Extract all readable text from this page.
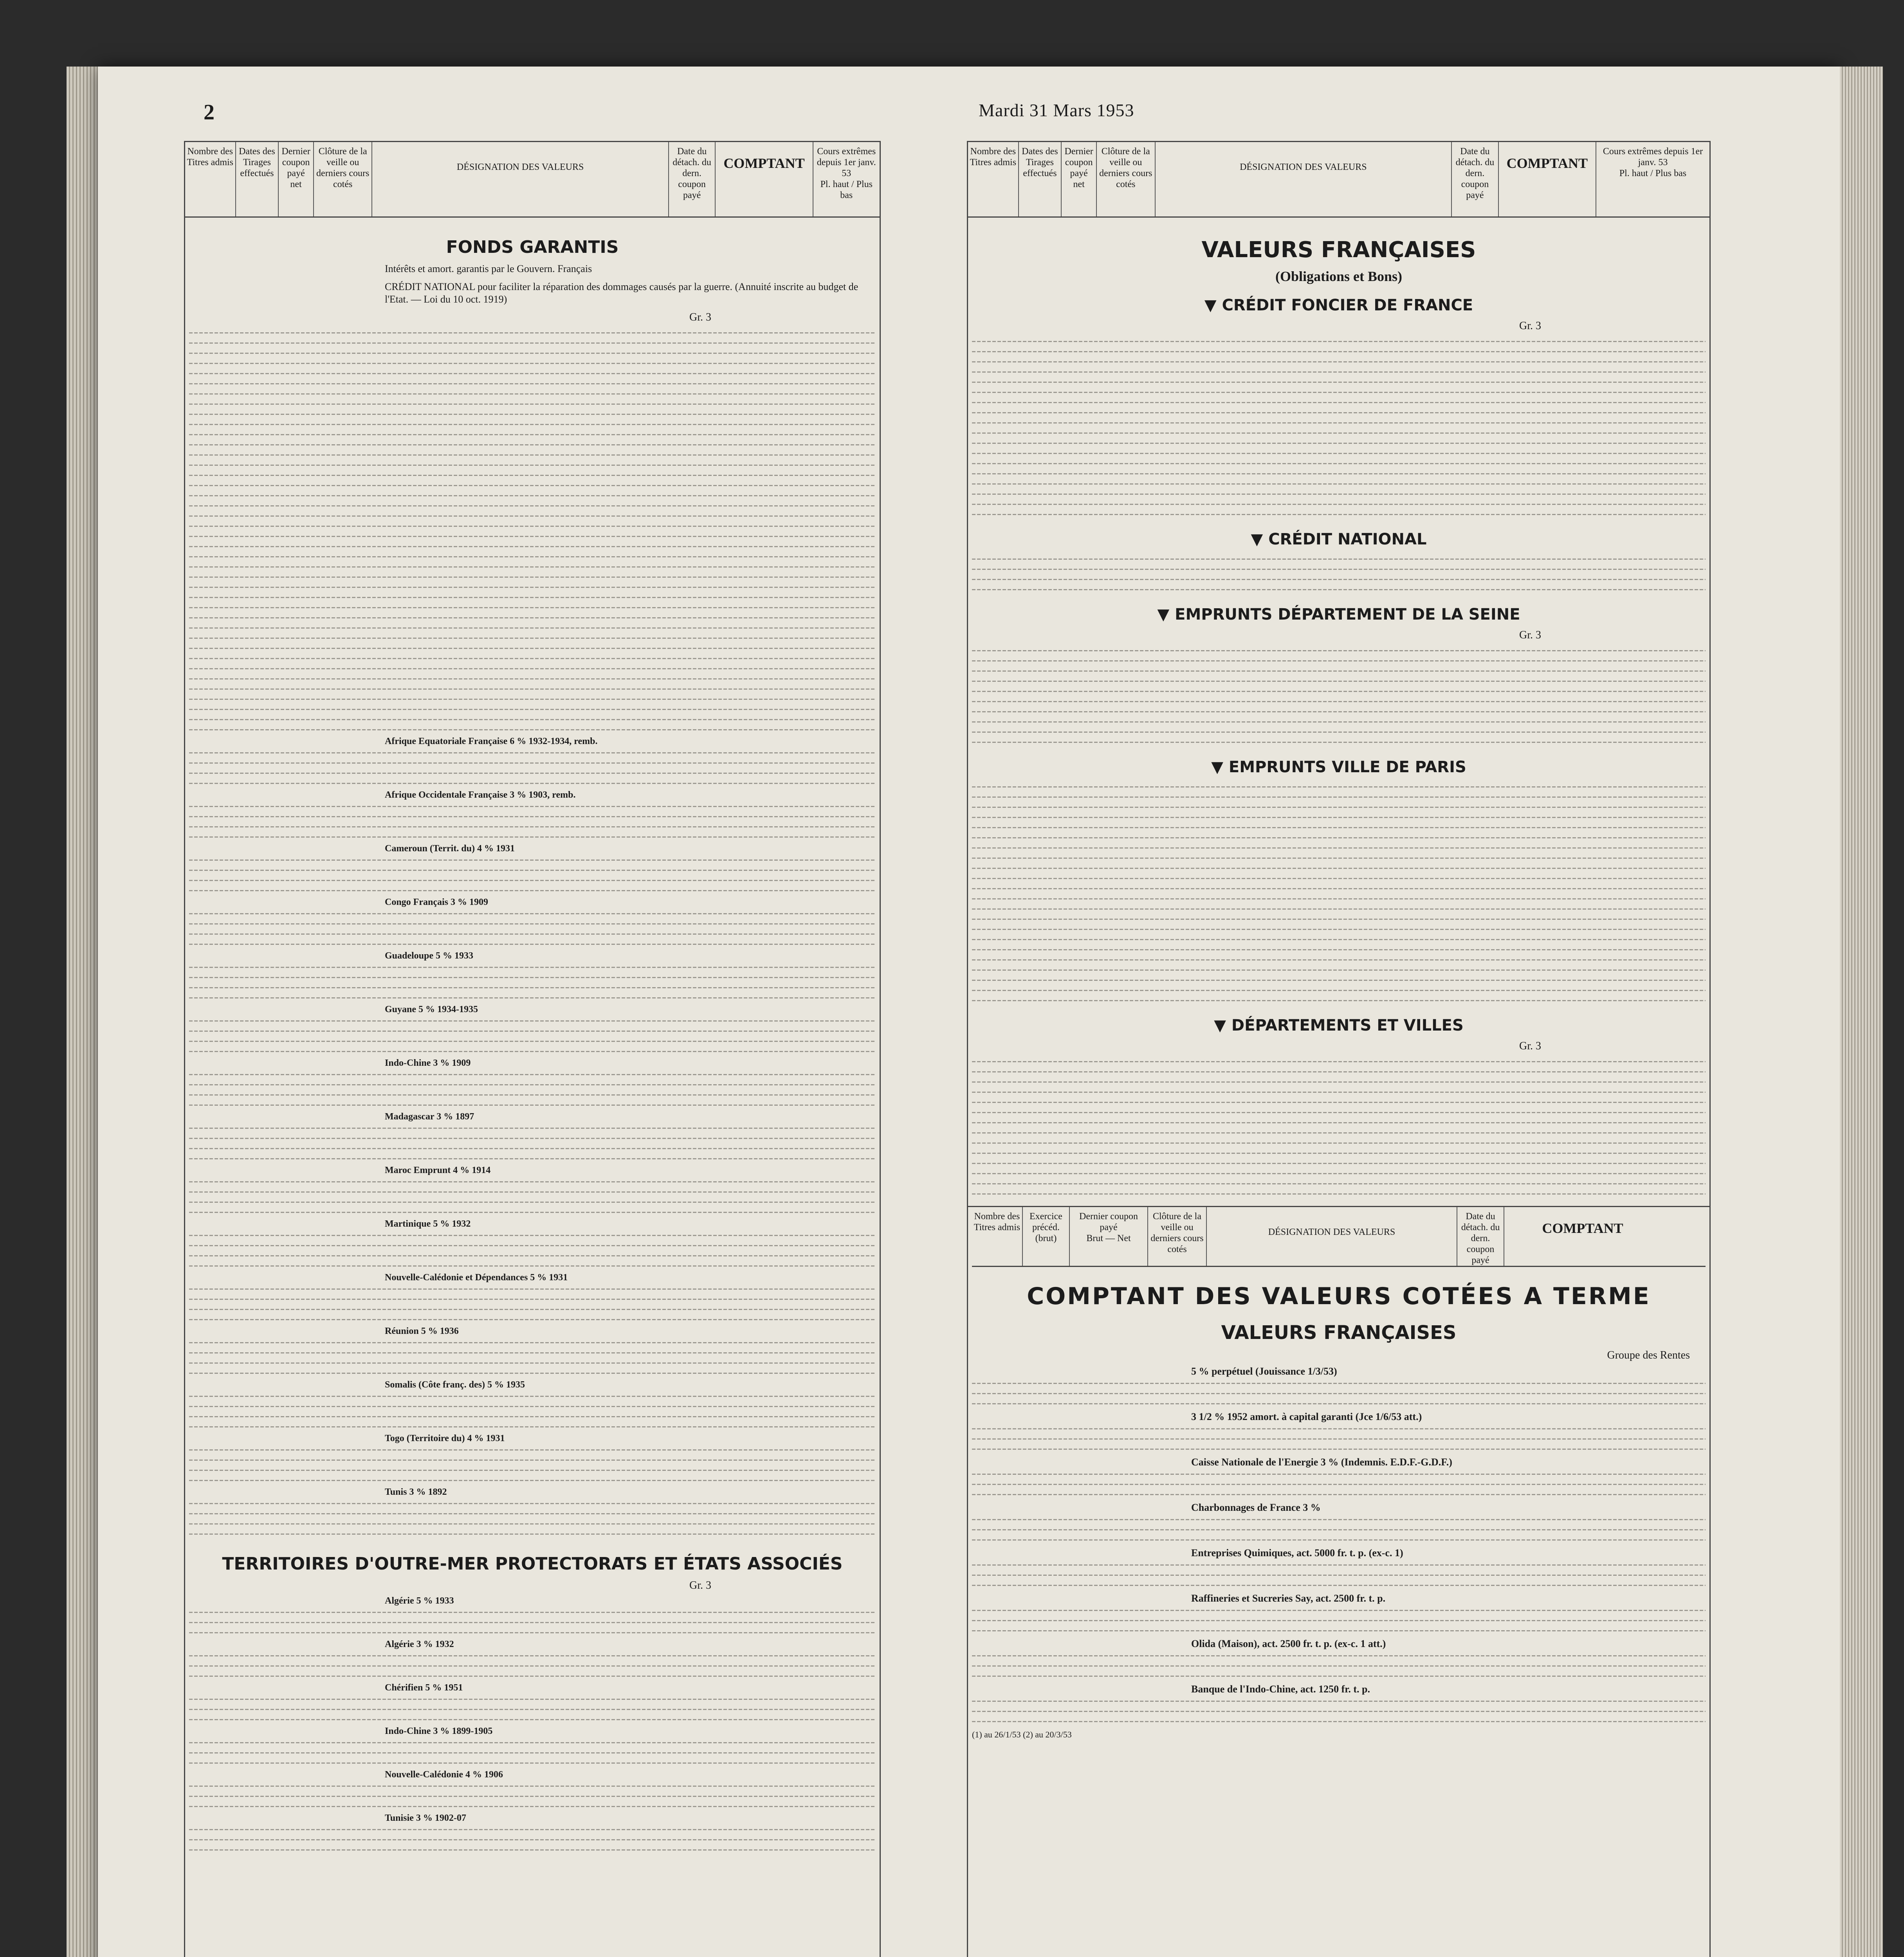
2	Mardi 31 Mars 1953
Nombre des Titres admis
Dates des Tirages effectués
Dernier coupon payé net
Clôture de la veille ou derniers cours cotés
DÉSIGNATION DES VALEURS
Date du détach. du dern. coupon payé
COMPTANT
Cours extrêmes depuis 1er janv. 53
Pl. haut / Plus bas
FONDS GARANTIS
Intérêts et amort. garantis par le Gouvern. Français
CRÉDIT NATIONAL pour faciliter la réparation des dommages causés par la guerre. (Annuité inscrite au budget de l'Etat. — Loi du 10 oct. 1919)
Gr. 3
Afrique Equatoriale Française 6 % 1932-1934, remb.
Afrique Occidentale Française 3 % 1903, remb.
Cameroun (Territ. du) 4 % 1931
Congo Français 3 % 1909
Guadeloupe 5 % 1933
Guyane 5 % 1934-1935
Indo-Chine 3 % 1909
Madagascar 3 % 1897
Maroc Emprunt 4 % 1914
Martinique 5 % 1932
Nouvelle-Calédonie et Dépendances 5 % 1931
Réunion 5 % 1936
Somalis (Côte franç. des) 5 % 1935
Togo (Territoire du) 4 % 1931
Tunis 3 % 1892
TERRITOIRES D'OUTRE-MER PROTECTORATS ET ÉTATS ASSOCIÉS
Gr. 3
Algérie 5 % 1933
Algérie 3 % 1932
Chérifien 5 % 1951
Indo-Chine 3 % 1899-1905
Nouvelle-Calédonie 4 % 1906
Tunisie 3 % 1902-07
Nombre des Titres admis
Dates des Tirages effectués
Dernier coupon payé net
Clôture de la veille ou derniers cours cotés
DÉSIGNATION DES VALEURS
Date du détach. du dern. coupon payé
COMPTANT
Cours extrêmes depuis 1er janv. 53
Pl. haut / Plus bas
VALEURS FRANÇAISES
(Obligations et Bons)
▼ CRÉDIT FONCIER DE FRANCE
Gr. 3
▼ CRÉDIT NATIONAL
▼ EMPRUNTS DÉPARTEMENT DE LA SEINE
Gr. 3
▼ EMPRUNTS VILLE DE PARIS
▼ DÉPARTEMENTS ET VILLES
Gr. 3
Nombre des Titres admis
Exercice précéd. (brut)
Dernier coupon payé
Brut — Net
Clôture de la veille ou derniers cours cotés
DÉSIGNATION DES VALEURS
Date du détach. du dern. coupon payé
COMPTANT
COMPTANT DES VALEURS COTÉES A TERME
VALEURS FRANÇAISES
Groupe des Rentes
5 % perpétuel (Jouissance 1/3/53)
3 1/2 % 1952 amort. à capital garanti (Jce 1/6/53 att.)
Caisse Nationale de l'Energie 3 % (Indemnis. E.D.F.-G.D.F.)
Charbonnages de France 3 %
Entreprises Quimiques, act. 5000 fr. t. p. (ex-c. 1)
Raffineries et Sucreries Say, act. 2500 fr. t. p.
Olida (Maison), act. 2500 fr. t. p. (ex-c. 1 att.)
Banque de l'Indo-Chine, act. 1250 fr. t. p.
(1) au 26/1/53 (2) au 20/3/53
